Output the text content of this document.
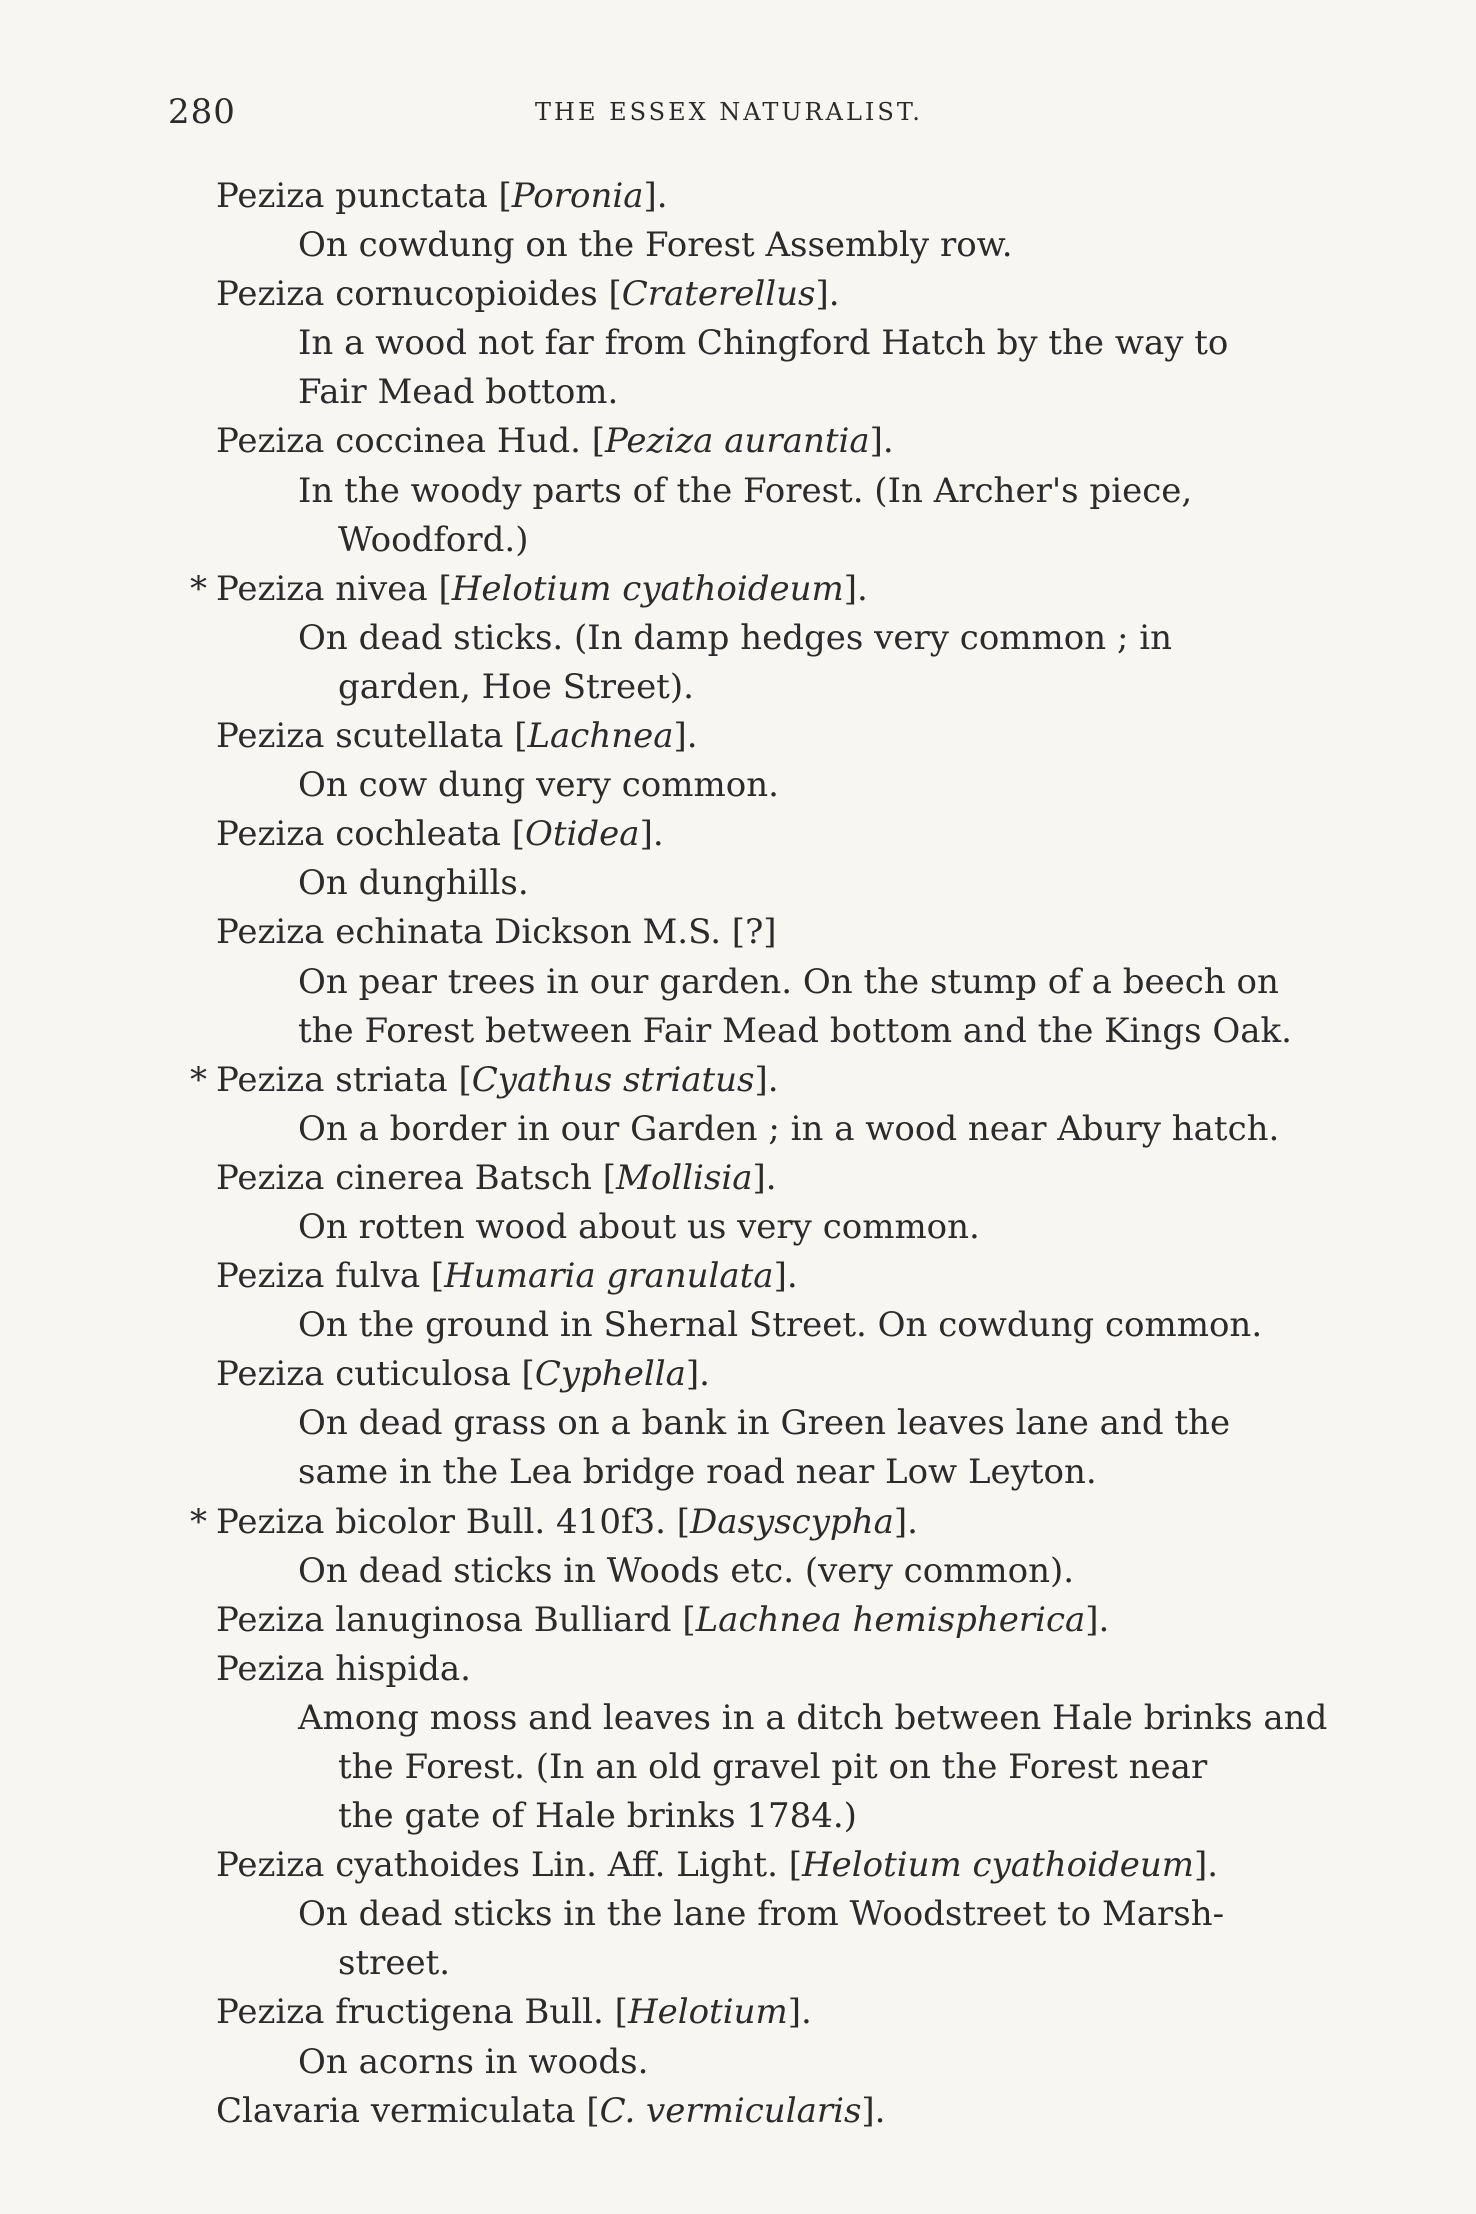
280	THE ESSEX NATURALIST.
Peziza punctata [Poronia].
On cowdung on the Forest Assembly row.
Peziza cornucopioides [Craterellus].
In a wood not far from Chingford Hatch by the way to
Fair Mead bottom.
Peziza coccinea Hud. [Peziza aurantia].
In the woody parts of the Forest. (In Archer's piece,
Woodford.)
* Peziza nivea [Helotium cyathoideum].
On dead sticks. (In damp hedges very common ; in
garden, Hoe Street).
Peziza scutellata [Lachnea].
On cow dung very common.
Peziza cochleata [Otidea].
On dunghills.
Peziza echinata Dickson M.S. [?]
On pear trees in our garden. On the stump of a beech on
the Forest between Fair Mead bottom and the Kings Oak.
* Peziza striata [Cyathus striatus].
On a border in our Garden ; in a wood near Abury hatch.
Peziza cinerea Batsch [Mollisia].
On rotten wood about us very common.
Peziza fulva [Humaria granulata].
On the ground in Shernal Street. On cowdung common.
Peziza cuticulosa [Cyphella].
On dead grass on a bank in Green leaves lane and the
same in the Lea bridge road near Low Leyton.
* Peziza bicolor Bull. 410f3. [Dasyscypha].
On dead sticks in Woods etc. (very common).
Peziza lanuginosa Bulliard [Lachnea hemispherica].
Peziza hispida.
Among moss and leaves in a ditch between Hale brinks and
the Forest. (In an old gravel pit on the Forest near
the gate of Hale brinks 1784.)
Peziza cyathoides Lin. Aff. Light. [Helotium cyathoideum].
On dead sticks in the lane from Woodstreet to Marsh-
street.
Peziza fructigena Bull. [Helotium].
On acorns in woods.
Clavaria vermiculata [C. vermicularis].
